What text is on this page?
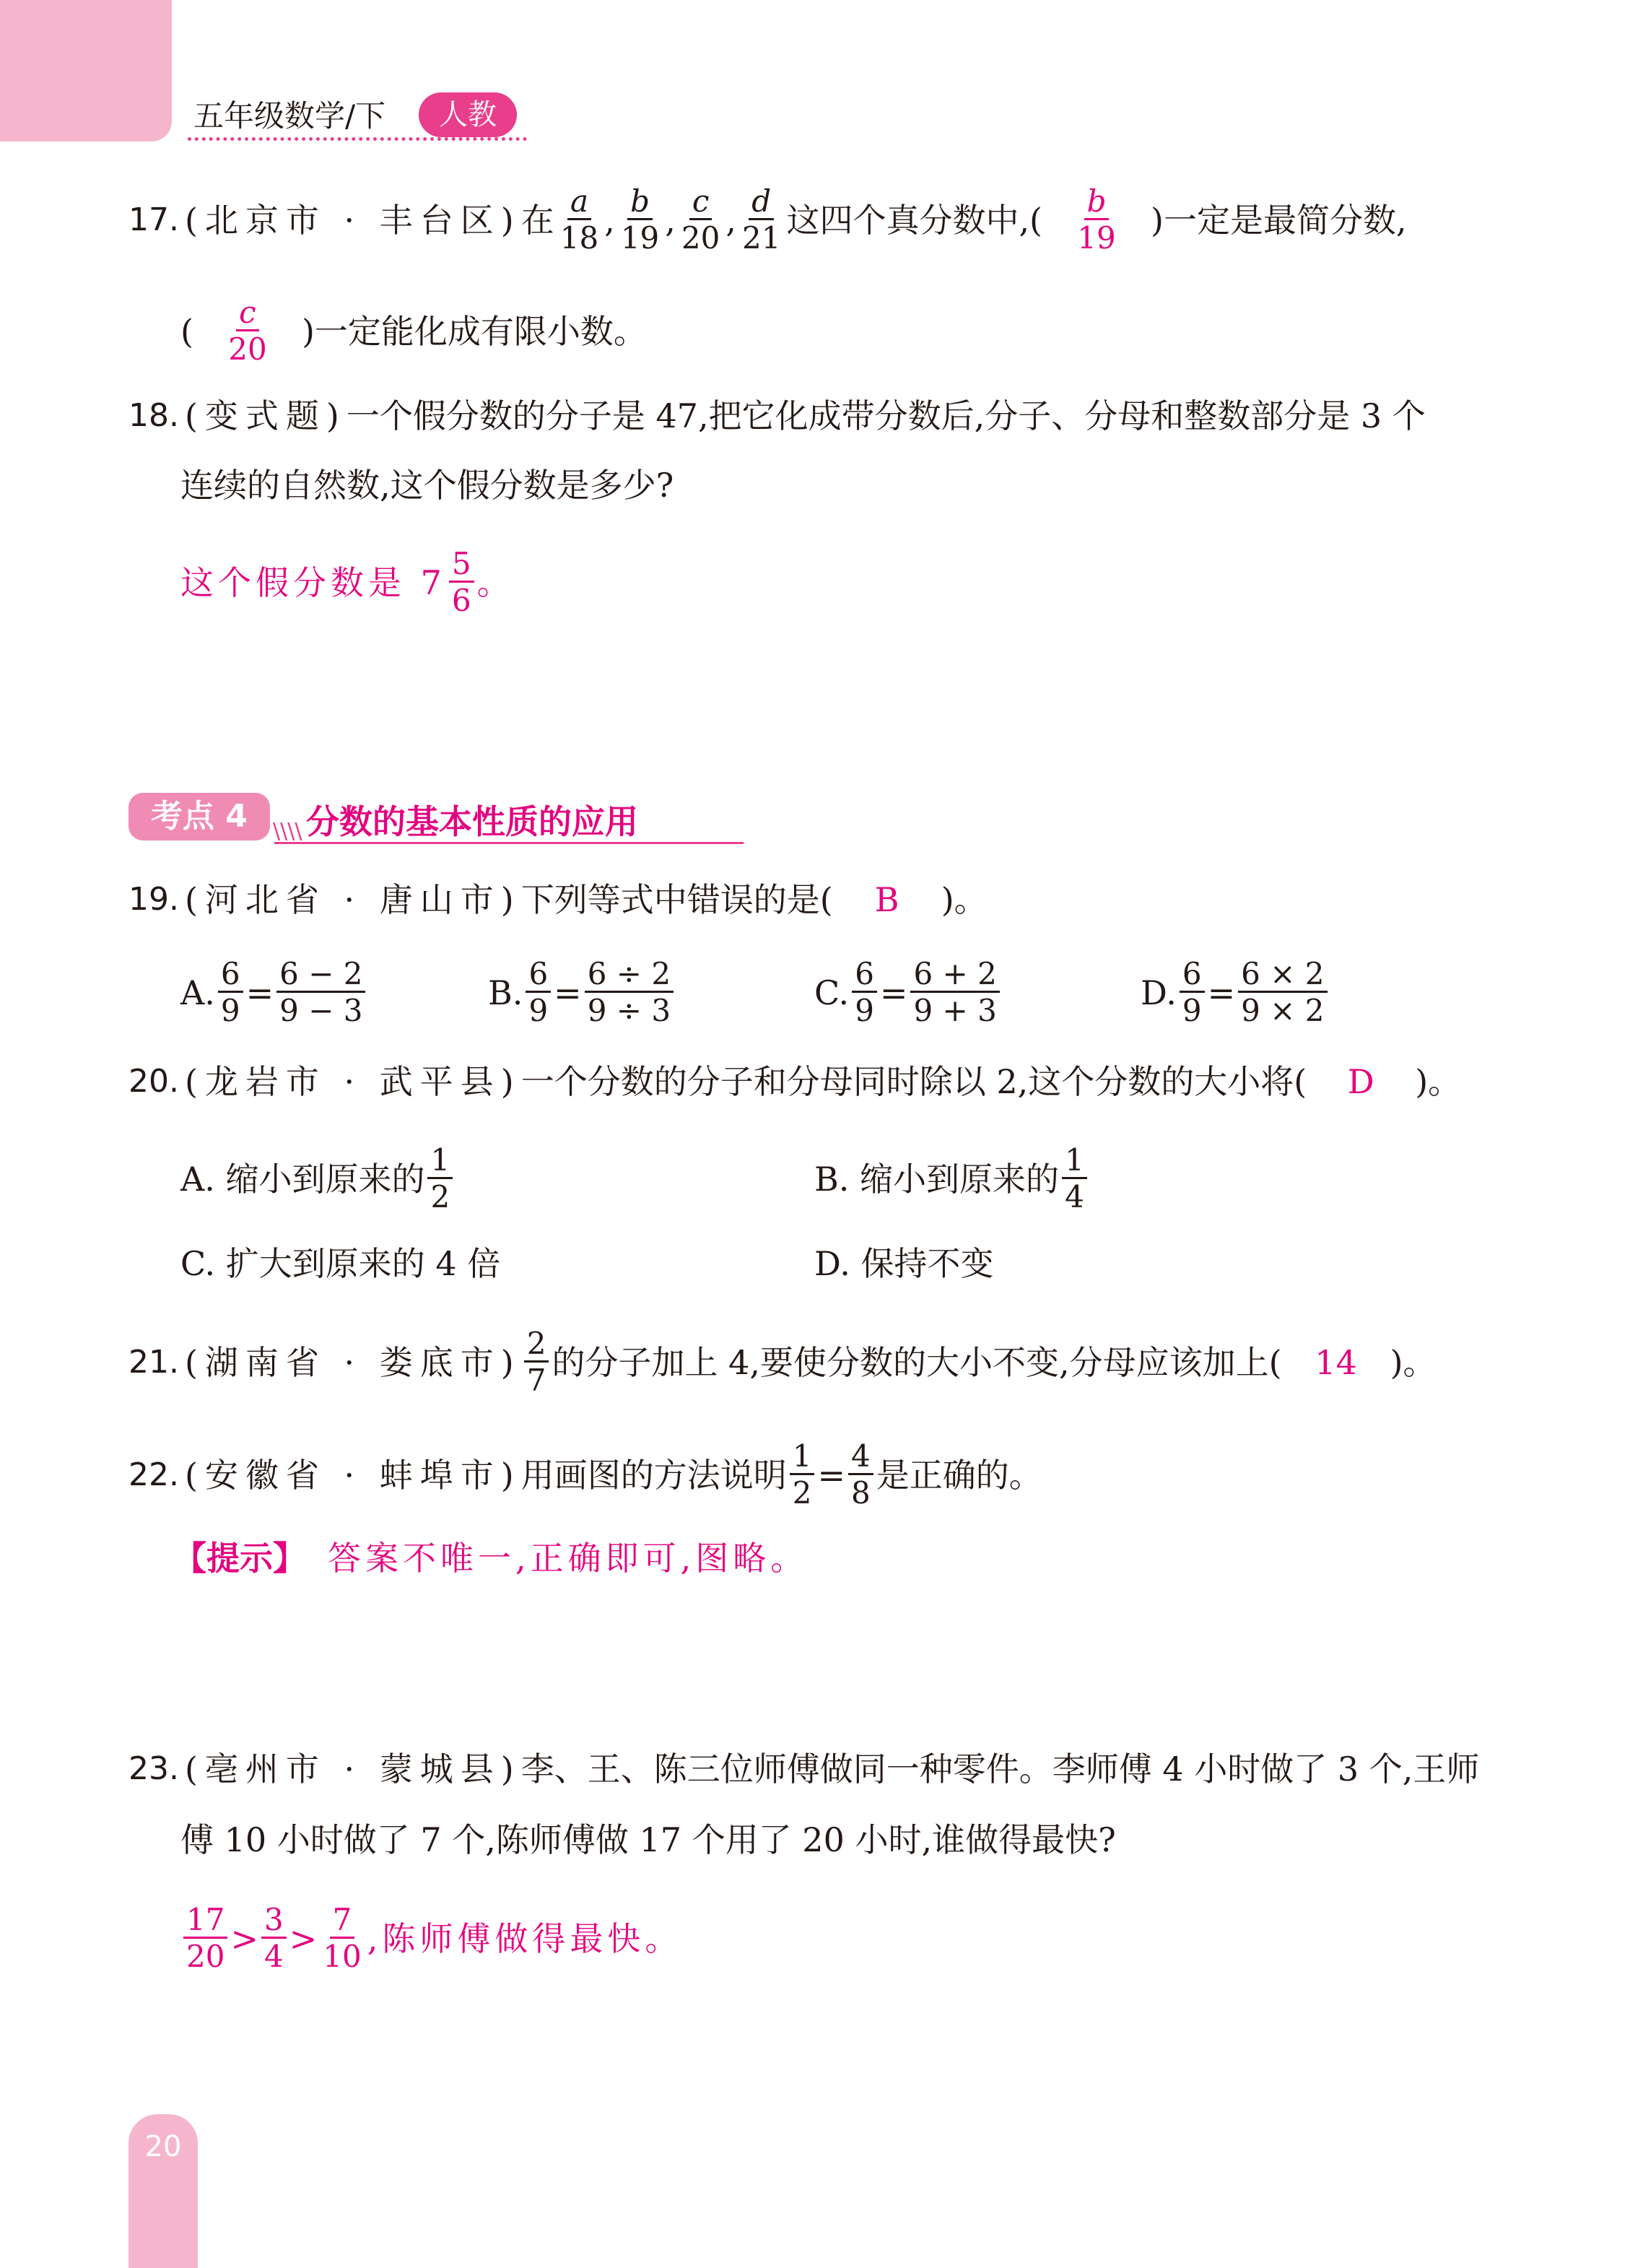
五年级数学/下	人教
17. (北京市 · 丰台区) 在 $\frac{a}{18}$ , $\frac{b}{19}$ , $\frac{c}{20}$ , $\frac{d}{21}$ 这四个真分数中,( $\frac{b}{19}$ )一定是最简分数,
( $\frac{c}{20}$ )一定能化成有限小数。
18. (变式题) 一个假分数的分子是 47,把它化成带分数后,分子、分母和整数部分是 3 个
连续的自然数,这个假分数是多少?
这个假分数是 $7 \frac{5}{6}$ 。
考点 4	\\\\ 分数的基本性质的应用
19. (河北省 · 唐山市) 下列等式中错误的是(	B	)。
A. $\frac{6}{9} = \frac{6 - 2}{9 - 3}$	B. $\frac{6}{9} = \frac{6 \div 2}{9 \div 3}$	C. $\frac{6}{9} = \frac{6 + 2}{9 + 3}$	D. $\frac{6}{9} = \frac{6 \times 2}{9 \times 2}$
20. (龙岩市 · 武平县) 一个分数的分子和分母同时除以 2,这个分数的大小将(	D	)。
A. 缩小到原来的 $\frac{1}{2}$	B. 缩小到原来的 $\frac{1}{4}$
C. 扩大到原来的 4 倍	D. 保持不变
21. (湖南省 · 娄底市) $\frac{2}{7}$ 的分子加上 4,要使分数的大小不变,分母应该加上( 14 )。
22. (安徽省 · 蚌埠市) 用画图的方法说明 $\frac{1}{2} = \frac{4}{8}$ 是正确的。
【提示】 答案不唯一,正确即可,图略。
23. (亳州市 · 蒙城县) 李、王、陈三位师傅做同一种零件。李师傅 4 小时做了 3 个,王师
傅 10 小时做了 7 个,陈师傅做 17 个用了 20 小时,谁做得最快?
$\frac{17}{20} > \frac{3}{4} > \frac{7}{10}$ ,陈师傅做得最快。
20
